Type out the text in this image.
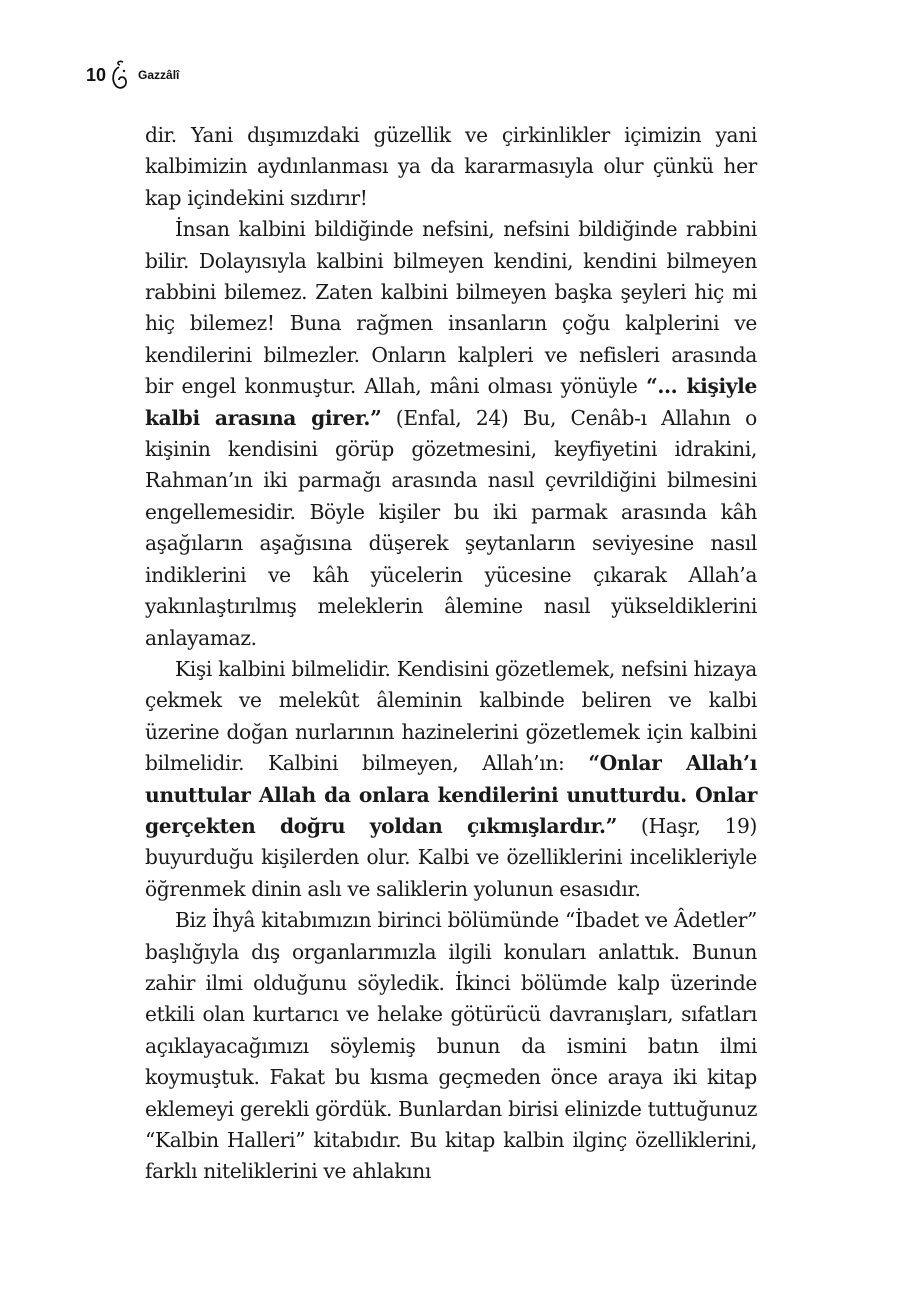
10	Gazzâlî

dir. Yani dışımızdaki güzellik ve çirkinlikler içimizin yani kalbimizin aydınlanması ya da kararmasıyla olur çünkü her kap içindekini sızdırır!

İnsan kalbini bildiğinde nefsini, nefsini bildiğinde rabbini bilir. Dolayısıyla kalbini bilmeyen kendini, kendini bilmeyen rabbini bilemez. Zaten kalbini bilmeyen başka şeyleri hiç mi hiç bilemez! Buna rağmen insanların çoğu kalplerini ve kendilerini bilmezler. Onların kalpleri ve nefisleri arasında bir engel konmuştur. Allah, mâni olması yönüyle “... kişiyle kalbi arasına girer.” (Enfal, 24) Bu, Cenâb-ı Allahın o kişinin kendisini görüp gözetmesini, keyfiyetini idrakini, Rahman’ın iki parmağı arasında nasıl çevrildiğini bilmesini engellemesidir. Böyle kişiler bu iki parmak arasında kâh aşağıların aşağısına düşerek şeytanların seviyesine nasıl indiklerini ve kâh yücelerin yücesine çıkarak Allah’a yakınlaştırılmış meleklerin âlemine nasıl yükseldiklerini anlayamaz.

Kişi kalbini bilmelidir. Kendisini gözetlemek, nefsini hizaya çekmek ve melekût âleminin kalbinde beliren ve kalbi üzerine doğan nurlarının hazinelerini gözetlemek için kalbini bilmelidir. Kalbini bilmeyen, Allah’ın: “Onlar Allah’ı unuttular Allah da onlara kendilerini unutturdu. Onlar gerçekten doğru yoldan çıkmışlardır.” (Haşr, 19) buyurduğu kişilerden olur. Kalbi ve özelliklerini incelikleriyle öğrenmek dinin aslı ve saliklerin yolunun esasıdır.

Biz İhyâ kitabımızın birinci bölümünde “İbadet ve Âdetler” başlığıyla dış organlarımızla ilgili konuları anlattık. Bunun zahir ilmi olduğunu söyledik. İkinci bölümde kalp üzerinde etkili olan kurtarıcı ve helake götürücü davranışları, sıfatları açıklayacağımızı söylemiş bunun da ismini batın ilmi koymuştuk. Fakat bu kısma geçmeden önce araya iki kitap eklemeyi gerekli gördük. Bunlardan birisi elinizde tuttuğunuz “Kalbin Halleri” kitabıdır. Bu kitap kalbin ilginç özelliklerini, farklı niteliklerini ve ahlakını
